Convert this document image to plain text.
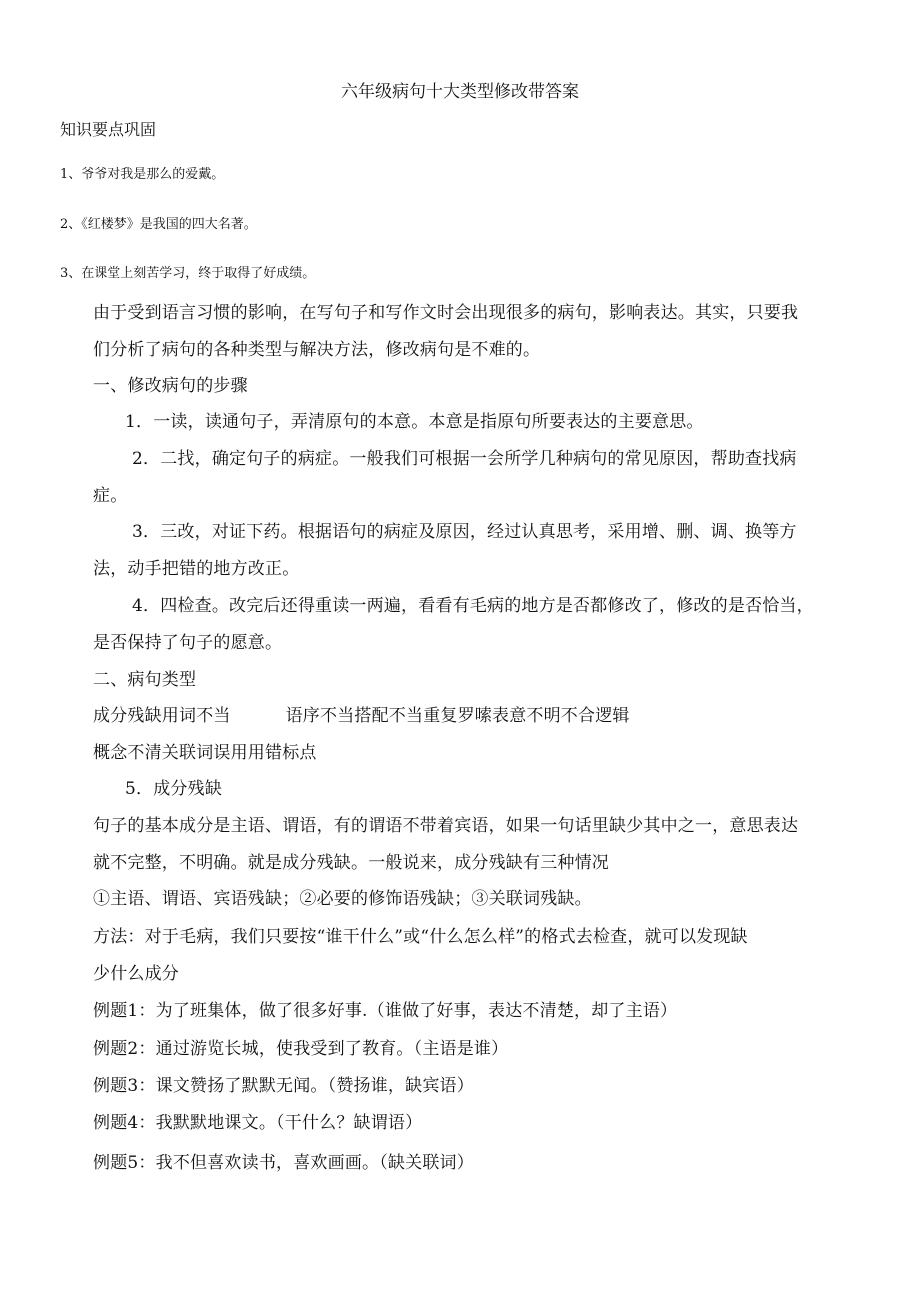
六年级病句十大类型修改带答案
知识要点巩固
1、爷爷对我是那么的爱戴。
2、《红楼梦》是我国的四大名著。
3、在课堂上刻苦学习，终于取得了好成绩。
由于受到语言习惯的影响，在写句子和写作文时会出现很多的病句，影响表达。其实，只要我
们分析了病句的各种类型与解决方法，修改病句是不难的。
一、修改病句的步骤
1．一读，读通句子，弄清原句的本意。本意是指原句所要表达的主要意思。
2．二找，确定句子的病症。一般我们可根据一会所学几种病句的常见原因，帮助查找病
症。
3．三改，对证下药。根据语句的病症及原因，经过认真思考，采用增、删、调、换等方
法，动手把错的地方改正。
4．四检查。改完后还得重读一两遍，看看有毛病的地方是否都修改了，修改的是否恰当，
是否保持了句子的愿意。
二、病句类型
成分残缺用词不当	语序不当搭配不当重复罗嗦表意不明不合逻辑
概念不清关联词误用用错标点
5．成分残缺
句子的基本成分是主语、谓语，有的谓语不带着宾语，如果一句话里缺少其中之一，意思表达
就不完整，不明确。就是成分残缺。一般说来，成分残缺有三种情况
①主语、谓语、宾语残缺；②必要的修饰语残缺；③关联词残缺。
方法：对于毛病，我们只要按“谁干什么”或“什么怎么样”的格式去检查，就可以发现缺
少什么成分
例题1：为了班集体，做了很多好事.（谁做了好事，表达不清楚，却了主语）
例题2：通过游览长城，使我受到了教育。（主语是谁）
例题3：课文赞扬了默默无闻。（赞扬谁，缺宾语）
例题4：我默默地课文。（干什么？缺谓语）
例题5：我不但喜欢读书，喜欢画画。（缺关联词）
